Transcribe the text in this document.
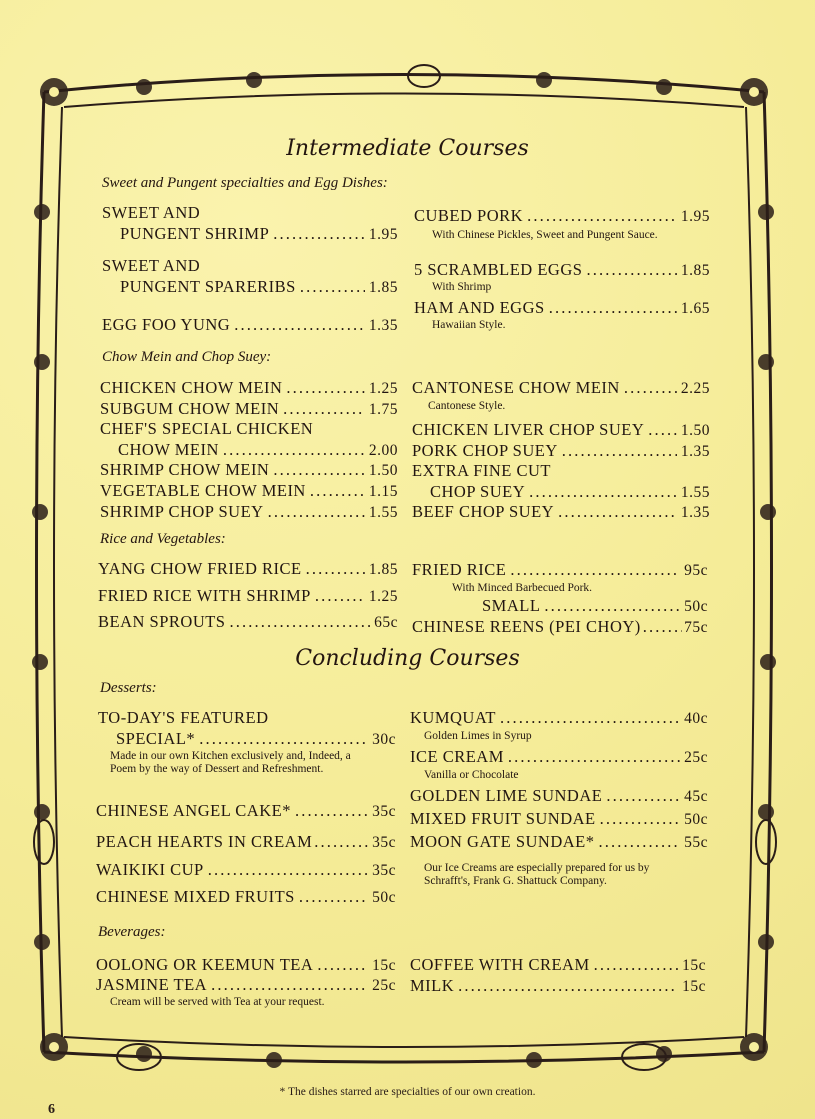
Intermediate Courses
Sweet and Pungent specialties and Egg Dishes:
SWEET AND
PUNGENT SHRIMP . . .	1.95
SWEET AND
PUNGENT SPARERIBS . . .	1.85
EGG FOO YUNG . . .	1.35
CUBED PORK . . .	1.95
With Chinese Pickles, Sweet and Pungent Sauce.
5 SCRAMBLED EGGS . . .	1.85
With Shrimp
HAM AND EGGS . . .	1.65
Hawaiian Style.
Chow Mein and Chop Suey:
CHICKEN CHOW MEIN . . .	1.25
SUBGUM CHOW MEIN . . .	1.75
CHEF'S SPECIAL CHICKEN
CHOW MEIN . . .	2.00
SHRIMP CHOW MEIN . . .	1.50
VEGETABLE CHOW MEIN . . .	1.15
SHRIMP CHOP SUEY . . .	1.55
CANTONESE CHOW MEIN . . .	2.25
Cantonese Style.
CHICKEN LIVER CHOP SUEY . . . 1.50
PORK CHOP SUEY . . .	1.35
EXTRA FINE CUT
CHOP SUEY . . .	1.55
BEEF CHOP SUEY . . .	1.35
Rice and Vegetables:
YANG CHOW FRIED RICE . . .	1.85
FRIED RICE WITH SHRIMP . . .	1.25
BEAN SPROUTS . . .	65c
FRIED RICE . . .	95c
With Minced Barbecued Pork.
SMALL . . .	50c
CHINESE REENS (PEI CHOY) . . .	75c
Concluding Courses
Desserts:
TO-DAY'S FEATURED
SPECIAL* . . .	30c
Made in our own Kitchen exclusively and, Indeed, a Poem by the way of Dessert and Refreshment.
CHINESE ANGEL CAKE* . . .	35c
PEACH HEARTS IN CREAM . . .	35c
WAIKIKI CUP . . .	35c
CHINESE MIXED FRUITS . . .	50c
KUMQUAT . . .	40c
Golden Limes in Syrup
ICE CREAM . . .	25c
Vanilla or Chocolate
GOLDEN LIME SUNDAE . . .	45c
MIXED FRUIT SUNDAE . . .	50c
MOON GATE SUNDAE* . . .	55c
Our Ice Creams are especially prepared for us by Schrafft's, Frank G. Shattuck Company.
Beverages:
OOLONG OR KEEMUN TEA . . .	15c
JASMINE TEA . . .	25c
Cream will be served with Tea at your request.
COFFEE WITH CREAM . . .	15c
MILK . . .	15c
* The dishes starred are specialties of our own creation.
6
